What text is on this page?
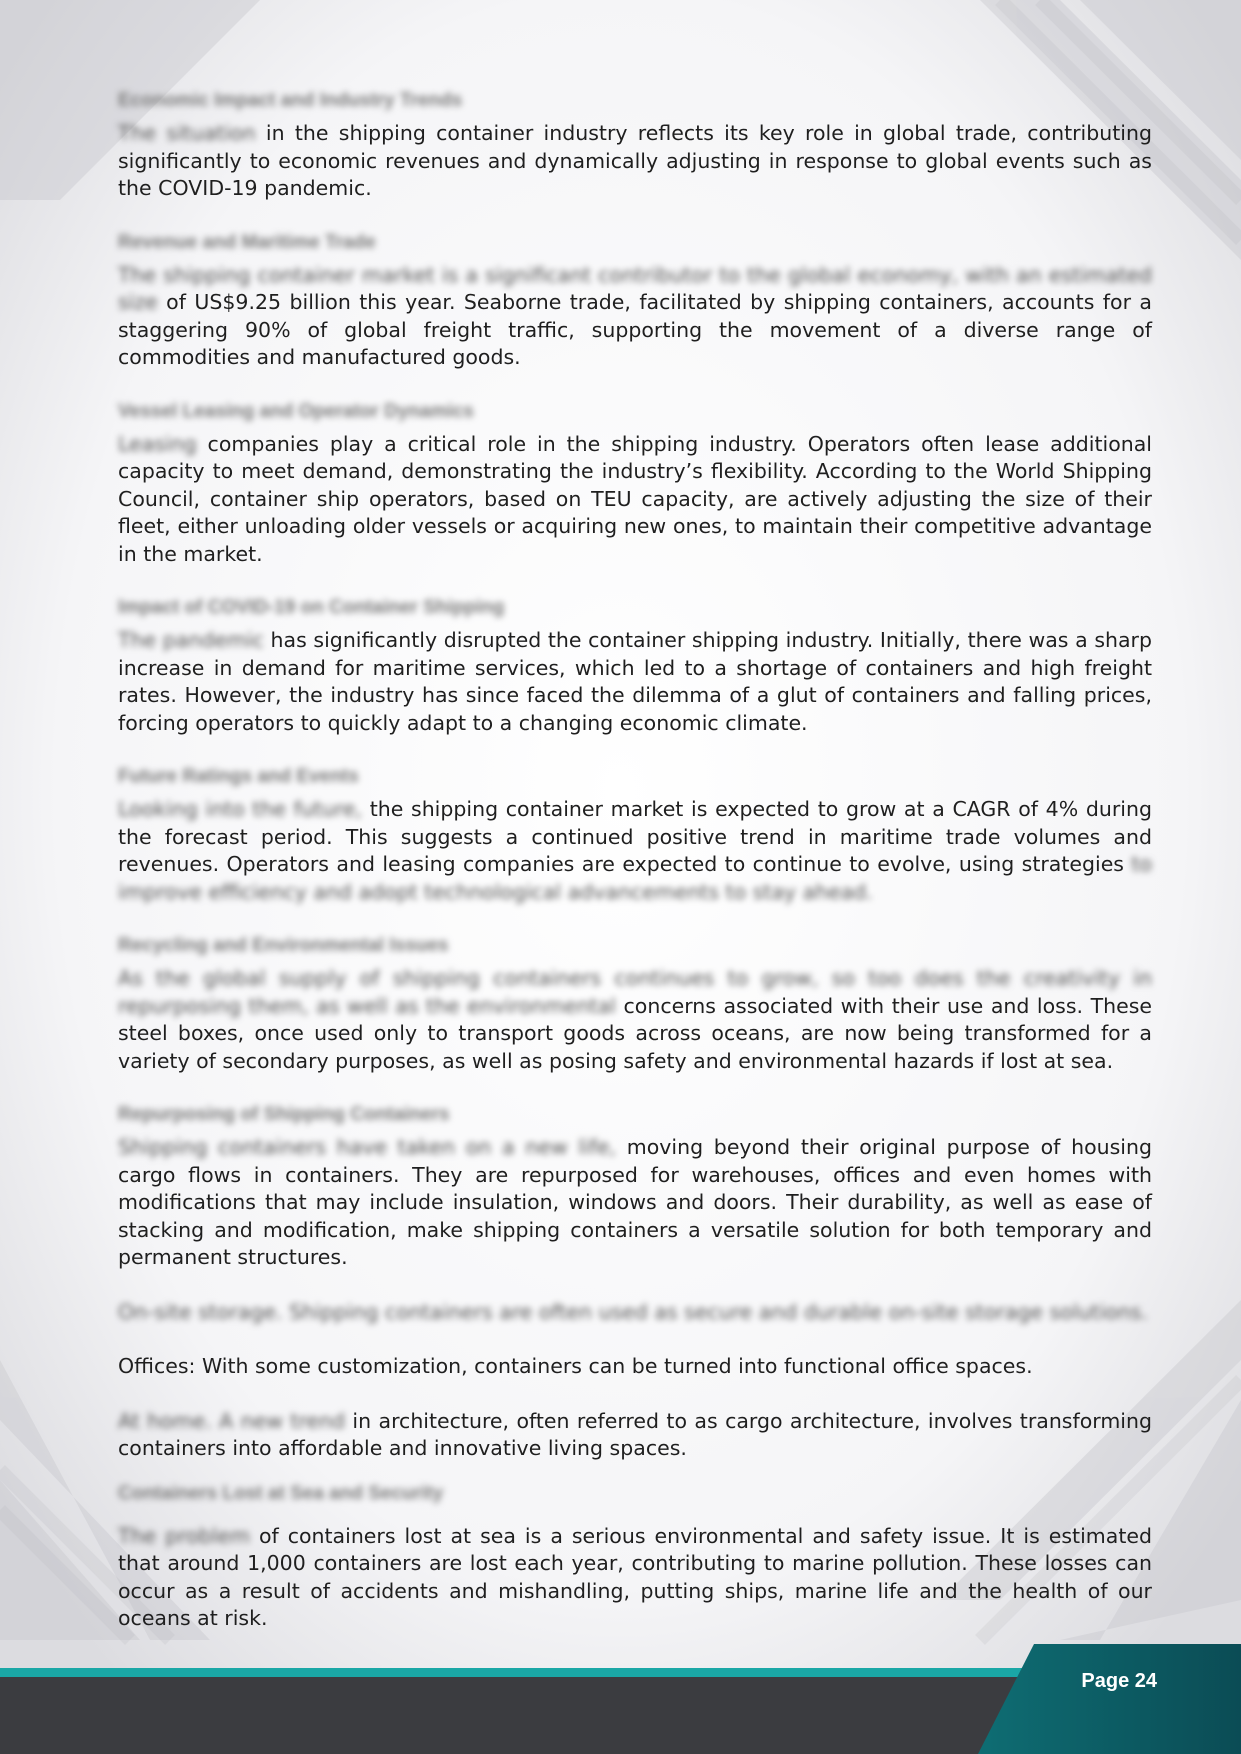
Economic Impact and Industry Trends

The situation in the shipping container industry reflects its key role in global trade, contributing significantly to economic revenues and dynamically adjusting in response to global events such as the COVID-19 pandemic.

Revenue and Maritime Trade

The shipping container market is a significant contributor to the global economy, with an estimated size of US$9.25 billion this year. Seaborne trade, facilitated by shipping containers, accounts for a staggering 90% of global freight traffic, supporting the movement of a diverse range of commodities and manufactured goods.

Vessel Leasing and Operator Dynamics

Leasing companies play a critical role in the shipping industry. Operators often lease additional capacity to meet demand, demonstrating the industry’s flexibility. According to the World Shipping Council, container ship operators, based on TEU capacity, are actively adjusting the size of their fleet, either unloading older vessels or acquiring new ones, to maintain their competitive advantage in the market.

Impact of COVID-19 on Container Shipping

The pandemic has significantly disrupted the container shipping industry. Initially, there was a sharp increase in demand for maritime services, which led to a shortage of containers and high freight rates. However, the industry has since faced the dilemma of a glut of containers and falling prices, forcing operators to quickly adapt to a changing economic climate.

Future Ratings and Events

Looking into the future, the shipping container market is expected to grow at a CAGR of 4% during the forecast period. This suggests a continued positive trend in maritime trade volumes and revenues. Operators and leasing companies are expected to continue to evolve, using strategies to improve efficiency and adopt technological advancements to stay ahead.

Recycling and Environmental Issues

As the global supply of shipping containers continues to grow, so too does the creativity in repurposing them, as well as the environmental concerns associated with their use and loss. These steel boxes, once used only to transport goods across oceans, are now being transformed for a variety of secondary purposes, as well as posing safety and environmental hazards if lost at sea.

Repurposing of Shipping Containers

Shipping containers have taken on a new life, moving beyond their original purpose of housing cargo flows in containers. They are repurposed for warehouses, offices and even homes with modifications that may include insulation, windows and doors. Their durability, as well as ease of stacking and modification, make shipping containers a versatile solution for both temporary and permanent structures.

On-site storage. Shipping containers are often used as secure and durable on-site storage solutions.

Offices: With some customization, containers can be turned into functional office spaces.

At home. A new trend in architecture, often referred to as cargo architecture, involves transforming containers into affordable and innovative living spaces.

Containers Lost at Sea and Security

The problem of containers lost at sea is a serious environmental and safety issue. It is estimated that around 1,000 containers are lost each year, contributing to marine pollution. These losses can occur as a result of accidents and mishandling, putting ships, marine life and the health of our oceans at risk.

Page 24
